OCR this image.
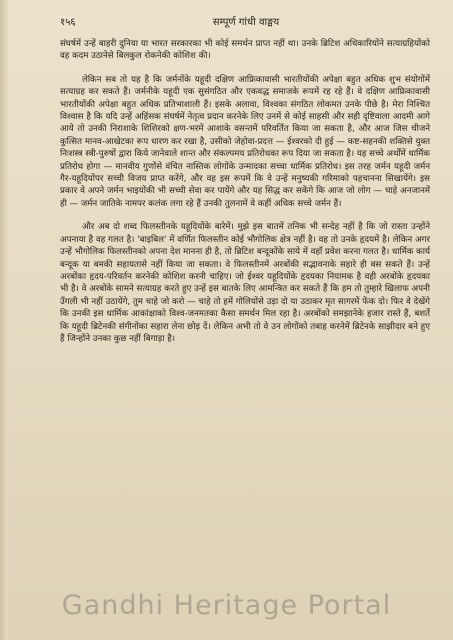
१५६	सम्पूर्ण गांधी वाङ्मय

संघर्षमें उन्हें बाहरी दुनिया या भारत सरकारका भी कोई समर्थन प्राप्त नहीं था। उनके ब्रिटिश अधिकारियोंने सत्याग्रहियोंको वह कदम उठानेसे बिलकुल रोकनेकी कोशिश की।

लेकिन सब तो यह है कि जर्मनोंके यहूदी दक्षिण आफ्रिकावासी भारतीयोंकी अपेक्षा बहुत अधिक शुभ संयोगोंमें सत्याग्रह कर सकते हैं। जर्मनीके यहूदी एक सुसंगठित और एकवद्ध समाजके रूपमें रह रहे हैं। वे दक्षिण आफ्रिकावासी भारतीयोंकी अपेक्षा बहुत अधिक प्रतिभाशाली हैं। इसके अलावा, विश्वका संगठित लोकमत उनके पीछे है। मेरा निश्चित विश्वास है कि यदि उन्हें अहिंसक संघर्षमें नेतृत्व प्रदान करनेके लिए उनमें से कोई साहसी और सही दृष्टिवाला आदमी आगे आये तो उनकी निराशाके शिशिरको क्षण-भरमें आशाके वसन्तमें परिवर्तित किया जा सकता है, और आज जिस चीजने कुत्सित मानव-आखेटका रूप धारण कर रखा है, उसीको जेहोवा-प्रदत्त — ईश्वरको दी हुई — कष्ट-सहनकी शक्तिसे युक्त निःशस्त्र स्त्री-पुरुषों द्वारा किये जानेवाले शान्त और संकल्पमय प्रतिरोधका रूप दिया जा सकता है। यह सच्चे अर्थोंमें धार्मिक प्रतिरोध होगा — मानवीय गुणोंसे वंचित नास्तिक लोगोंके उन्मादका सच्चा धार्मिक प्रतिरोध। इस तरह जर्मन यहूदी जर्मन गैर-यहूदियोंपर सच्ची विजय प्राप्त करेंगे, और वह इस रूपमें कि वे उन्हें मनुष्यकी गरिमाको पहचानना सिखायेंगे। इस प्रकार वे अपने जर्मन भाइयोंकी भी सच्ची सेवा कर पायेंगे और यह सिद्ध कर सकेंगे कि आज जो लोग — चाहे अनजानमें ही — जर्मन जातिके नामपर कलंक लगा रहे हैं उनकी तुलनामें वे कहीं अधिक सच्चे जर्मन हैं।

और अब दो शब्द फिलस्तीनके यहूदियोंके बारेमें। मुझे इस बातमें तनिक भी सन्देह नहीं है कि जो रास्ता उन्होंने अपनाया है वह गलत है। 'बाइबिल' में वर्णित फिलस्तीन कोई भौगोलिक क्षेत्र नहीं है। वह तो उनके हृदयमें है। लेकिन अगर उन्हें भौगोलिक फिलस्तीनको अपना देश मानना ही है, तो ब्रिटिश बन्दूकोंके साये में वहाँ प्रवेश करना गलत है। धार्मिक कार्य बन्दूक या बमकी सहायतासे नहीं किया जा सकता। वे फिलस्तीनमें अरबोंकी सद्भावनाके सहारे ही बस सकते हैं। उन्हें अरबोंका हृदय-परिवर्तन करनेकी कोशिश करनी चाहिए। जो ईश्वर यहूदियोंके हृदयका नियामक है वही अरबोंके हृदयका भी है। वे अरबोंके सामने सत्याग्रह करते हुए उन्हें इस बातके लिए आमन्त्रित कर सकते हैं कि हम तो तुम्हारे खिलाफ अपनी उँगली भी नहीं उठायेंगे, तुम चाहे जो करो — चाहे तो हमें गोलियोंसे उड़ा दो या उठाकर मृत सागरमें फेंक दो। फिर वे देखेंगे कि उनकी इस धार्मिक आकांक्षाको विश्व-जनमतका कैसा समर्थन मिल रहा है। अरबोंको समझानेके हजार रास्ते हैं, बशर्ते कि यहूदी ब्रिटेनकी संगीनोंका सहारा लेना छोड़ दें। लेकिन अभी तो वे उन लोगोंको तबाह करनेमें ब्रिटेनके साझीदार बने हुए हैं जिन्होंने उनका कुछ नहीं बिगाड़ा है।

Gandhi Heritage Portal
